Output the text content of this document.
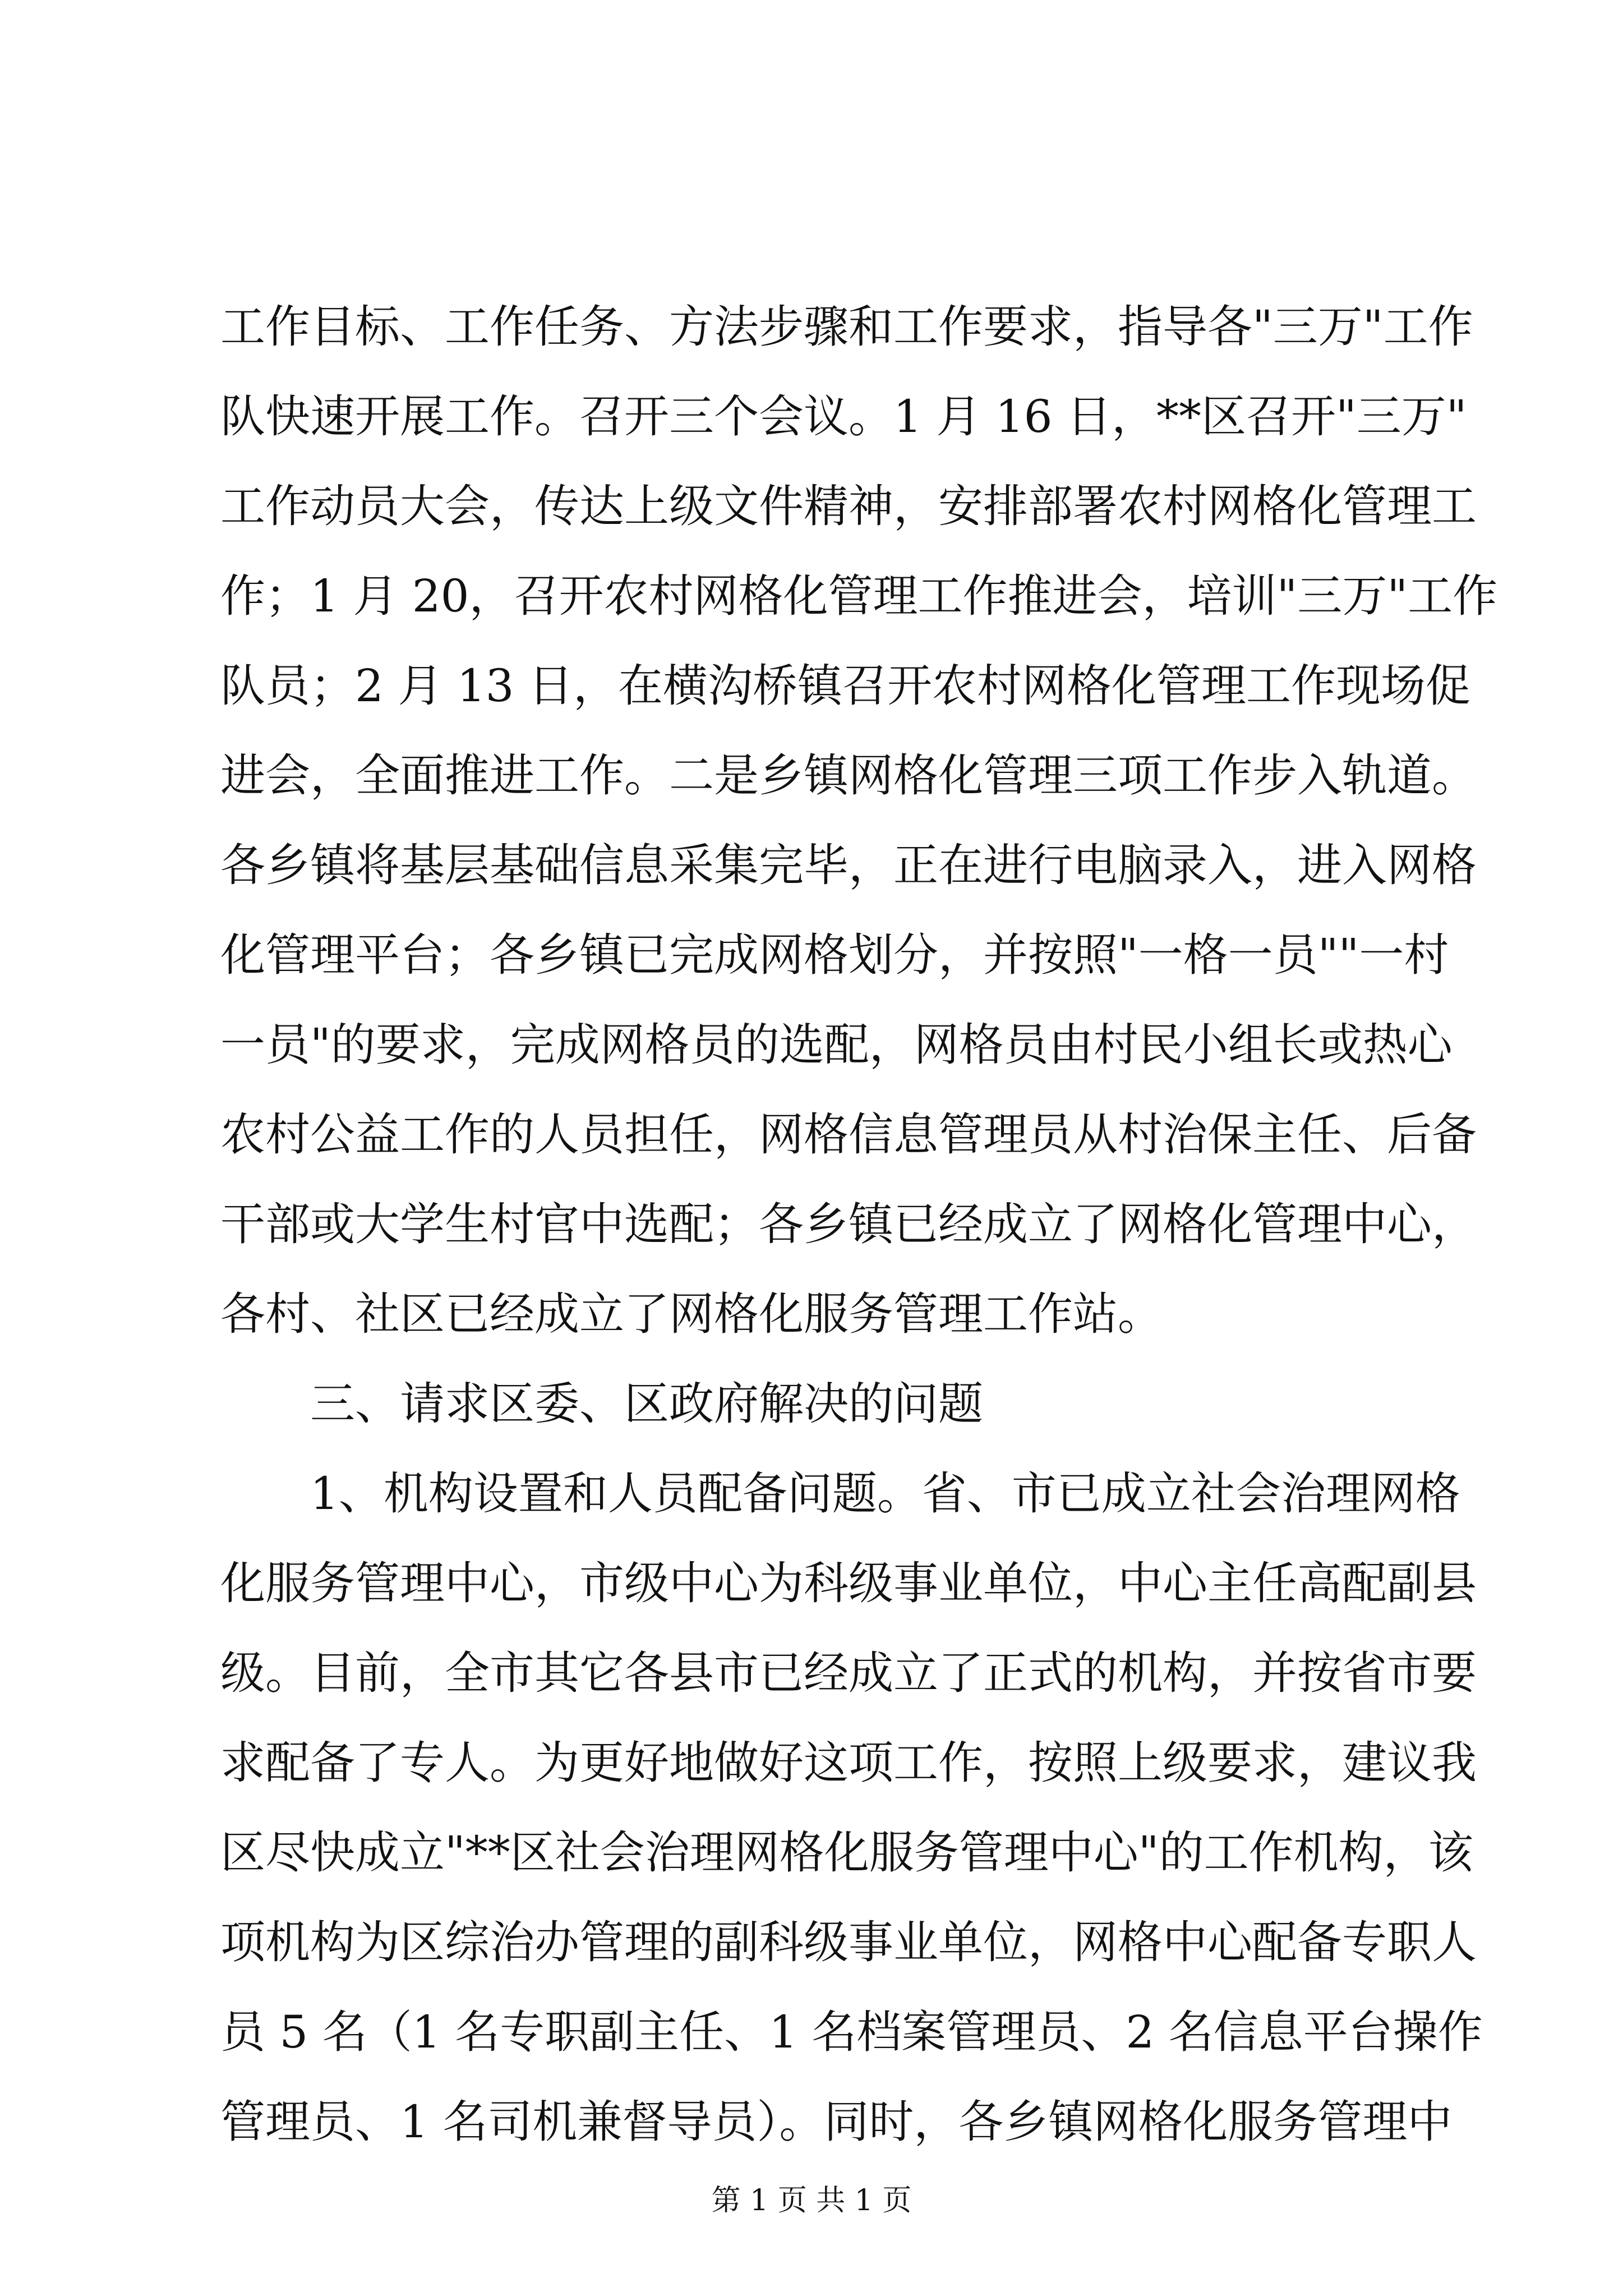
工作目标、工作任务、方法步骤和工作要求，指导各"三万"工作
队快速开展工作。召开三个会议。1 月 16 日，**区召开"三万"
工作动员大会，传达上级文件精神，安排部署农村网格化管理工
作；1 月 20，召开农村网格化管理工作推进会，培训"三万"工作
队员；2 月 13 日，在横沟桥镇召开农村网格化管理工作现场促
进会，全面推进工作。二是乡镇网格化管理三项工作步入轨道。
各乡镇将基层基础信息采集完毕，正在进行电脑录入，进入网格
化管理平台；各乡镇已完成网格划分，并按照"一格一员""一村
一员"的要求，完成网格员的选配，网格员由村民小组长或热心
农村公益工作的人员担任，网格信息管理员从村治保主任、后备
干部或大学生村官中选配；各乡镇已经成立了网格化管理中心，
各村、社区已经成立了网格化服务管理工作站。
三、请求区委、区政府解决的问题
1、机构设置和人员配备问题。省、市已成立社会治理网格
化服务管理中心，市级中心为科级事业单位，中心主任高配副县
级。目前，全市其它各县市已经成立了正式的机构，并按省市要
求配备了专人。为更好地做好这项工作，按照上级要求，建议我
区尽快成立"**区社会治理网格化服务管理中心"的工作机构，该
项机构为区综治办管理的副科级事业单位，网格中心配备专职人
员 5 名（1 名专职副主任、1 名档案管理员、2 名信息平台操作
管理员、1 名司机兼督导员）。同时，各乡镇网格化服务管理中
第 1 页 共 1 页
